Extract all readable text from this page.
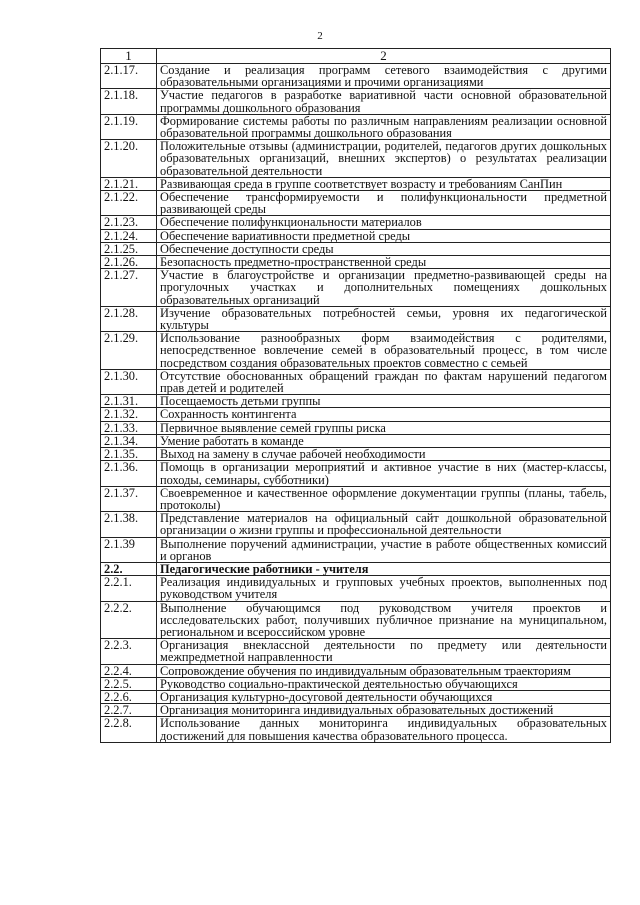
2
1	2
2.1.17.	Создание и реализация программ сетевого взаимодействия с другими образовательными организациями и прочими организациями
2.1.18.	Участие педагогов в разработке вариативной части основной образовательной программы дошкольного образования
2.1.19.	Формирование системы работы по различным направлениям реализации основной образовательной программы дошкольного образования
2.1.20.	Положительные отзывы (администрации, родителей, педагогов других дошкольных образовательных организаций, внешних экспертов) о результатах реализации образовательной деятельности
2.1.21.	Развивающая среда в группе соответствует возрасту и требованиям СанПин
2.1.22.	Обеспечение трансформируемости и полифункциональности предметной развивающей среды
2.1.23.	Обеспечение полифункциональности материалов
2.1.24.	Обеспечение вариативности предметной среды
2.1.25.	Обеспечение доступности среды
2.1.26.	Безопасность предметно-пространственной среды
2.1.27.	Участие в благоустройстве и организации предметно-развивающей среды на прогулочных участках и дополнительных помещениях дошкольных образовательных организаций
2.1.28.	Изучение образовательных потребностей семьи, уровня их педагогической культуры
2.1.29.	Использование разнообразных форм взаимодействия с родителями, непосредственное вовлечение семей в образовательный процесс, в том числе посредством создания образовательных проектов совместно с семьей
2.1.30.	Отсутствие обоснованных обращений граждан по фактам нарушений педагогом прав детей и родителей
2.1.31.	Посещаемость детьми группы
2.1.32.	Сохранность контингента
2.1.33.	Первичное выявление семей группы риска
2.1.34.	Умение работать в команде
2.1.35.	Выход на замену в случае рабочей необходимости
2.1.36.	Помощь в организации мероприятий и активное участие в них (мастер-классы, походы, семинары, субботники)
2.1.37.	Своевременное и качественное оформление документации группы (планы, табель, протоколы)
2.1.38.	Представление материалов на официальный сайт дошкольной образовательной организации о жизни группы и профессиональной деятельности
2.1.39	Выполнение поручений администрации, участие в работе общественных комиссий и органов
2.2.	Педагогические работники - учителя
2.2.1.	Реализация индивидуальных и групповых учебных проектов, выполненных под руководством учителя
2.2.2.	Выполнение обучающимся под руководством учителя проектов и исследовательских работ, получивших публичное признание на муниципальном, региональном и всероссийском уровне
2.2.3.	Организация внеклассной деятельности по предмету или деятельности межпредметной направленности
2.2.4.	Сопровождение обучения по индивидуальным образовательным траекториям
2.2.5.	Руководство социально-практической деятельностью обучающихся
2.2.6.	Организация культурно-досуговой деятельности обучающихся
2.2.7.	Организация мониторинга индивидуальных образовательных достижений
2.2.8.	Использование данных мониторинга индивидуальных образовательных достижений для повышения качества образовательного процесса.
